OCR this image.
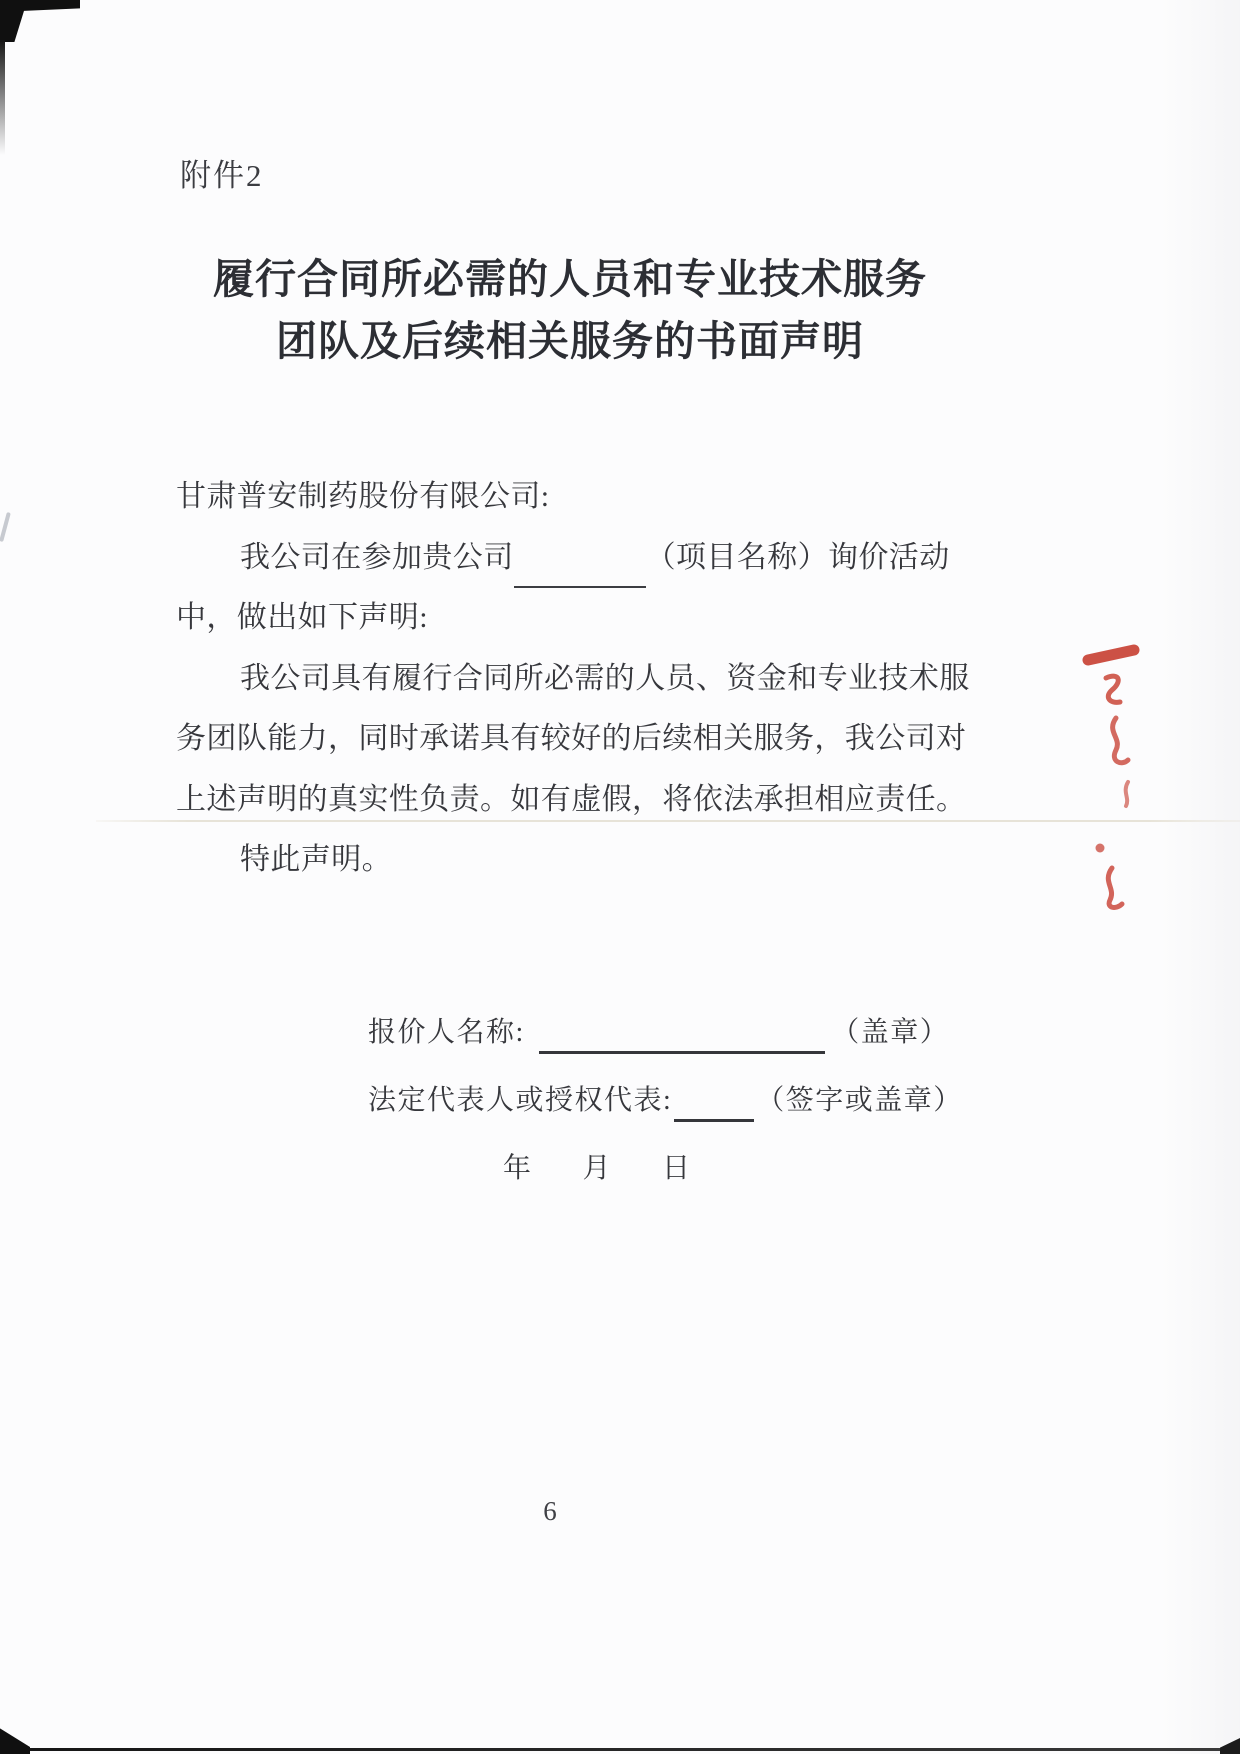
附件2
履行合同所必需的人员和专业技术服务
团队及后续相关服务的书面声明
甘肃普安制药股份有限公司:
我公司在参加贵公司	（项目名称）询价活动
中，做出如下声明:
我公司具有履行合同所必需的人员、资金和专业技术服
务团队能力，同时承诺具有较好的后续相关服务，我公司对
上述声明的真实性负责。如有虚假，将依法承担相应责任。
特此声明。
报价人名称:	（盖章）
法定代表人或授权代表:	（签字或盖章）
年 月 日
6
